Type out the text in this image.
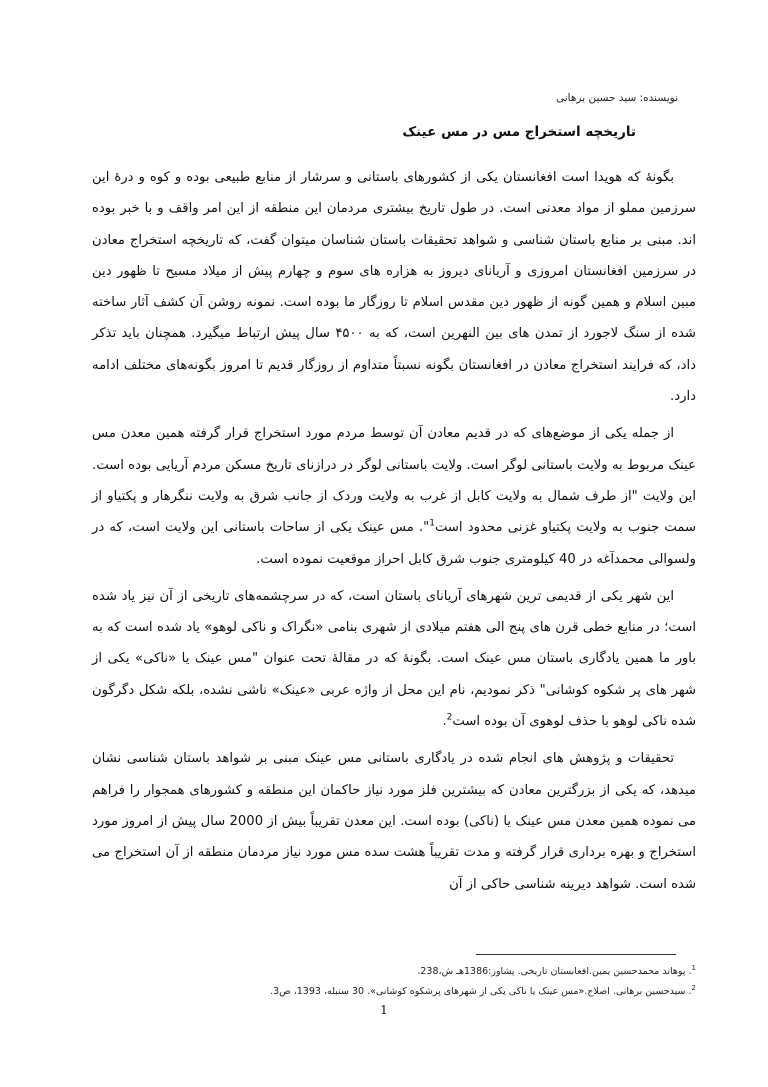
نویسنده: سید حسین برهانی
تاریخچه استخراج مس در مس عینک

بگونهٔ که هویدا است افغانستان یکی از کشورهای باستانی و سرشار از منابع طبیعی بوده و کوه و درهٔ این سرزمین مملو از مواد معدنی است. در طول تاریخ بیشتری مردمان این منطقه از این امر واقف و با خبر بوده اند. مبنی بر منابع باستان شناسی و شواهد تحقیقات باستان شناسان میتوان گفت، که تاریخچه استخراج معادن در سرزمین افغانستان امروزی و آریانای دیروز به هزاره های سوم و چهارم پیش از میلاد مسیح تا ظهور دین مبین اسلام و همین گونه از ظهور دین مقدس اسلام تا روزگار ما بوده است. نمونه روشن آن کشف آثار ساخته شده از سنگ لاجورد از تمدن های بین النهرین است، که به ۴۵۰۰ سال پیش ارتباط میگیرد. همچنان باید تذکر داد، که فرایند استخراج معادن در افغانستان بگونه نسبتاً متداوم از روزگار قدیم تا امروز بگونه‌های مختلف ادامه دارد.

از جمله یکی از موضع‌های که در قدیم معادن آن توسط مردم مورد استخراج قرار گرفته همین معدن مس عینک مربوط به ولایت باستانی لوگر است. ولایت باستانی لوگر در درازنای تاریخ مسکن مردم آریایی بوده است. این ولایت "از طرف شمال به ولایت کابل از غرب به ولایت وردک از جانب شرق به ولایت ننگرهار و پکتیاو از سمت جنوب به ولایت پکتیاو غزنی محدود است$^1$". مس عینک یکی از ساحات باستانی این ولایت است، که در ولسوالی محمدآغه در 40 کیلومتری جنوب شرق کابل احراز موقعیت نموده است.

این شهر یکی از قدیمی ترین شهرهای آریانای باستان است، که در سرچشمه‌های تاریخی از آن نیز یاد شده است؛ در منابع خطی قرن های پنج الی هفتم میلادی از شهری بنامی «نگراک و ناکی لوهو» یاد شده است که به باور ما همین یادگاری باستان مس عینک است. بگونهٔ که در مقالهٔ تحت عنوان "مس عینک یا «ناکی» یکی از شهر های پر شکوه کوشانی" ذکر نمودیم، نام این محل از واژه عربی «عینک» ناشی نشده، بلکه شکل دگرگون شده ناکی لوهو با حذف لوهوی آن بوده است$^2$.

تحقیقات و پژوهش های انجام شده در یادگاری باستانی مس عینک مبنی بر شواهد باستان شناسی نشان میدهد، که یکی از بزرگترین معادن که بیشترین فلز مورد نیاز حاکمان این منطقه و کشورهای همجوار را فراهم می نموده همین معدن مس عینک یا (ناکی) بوده است. این معدن تقریباً بیش از 2000 سال پیش از امروز مورد استخراج و بهره برداری قرار گرفته و مدت تقریباً هشت سده مس مورد نیاز مردمان منطقه از آن استخراج می شده است. شواهد دیرینه شناسی حاکی از آن

$^1$. پوهاند محمدحسین یمین.افغانستان تاریخی. پشاور:1386هـ ش،238.
$^2$. سیدحسین برهانی. اصلاح.«مس عینک یا ناکی یکی از شهرهای پرشکوه کوشانی». 30 سنبله، 1393، ص3.
1
